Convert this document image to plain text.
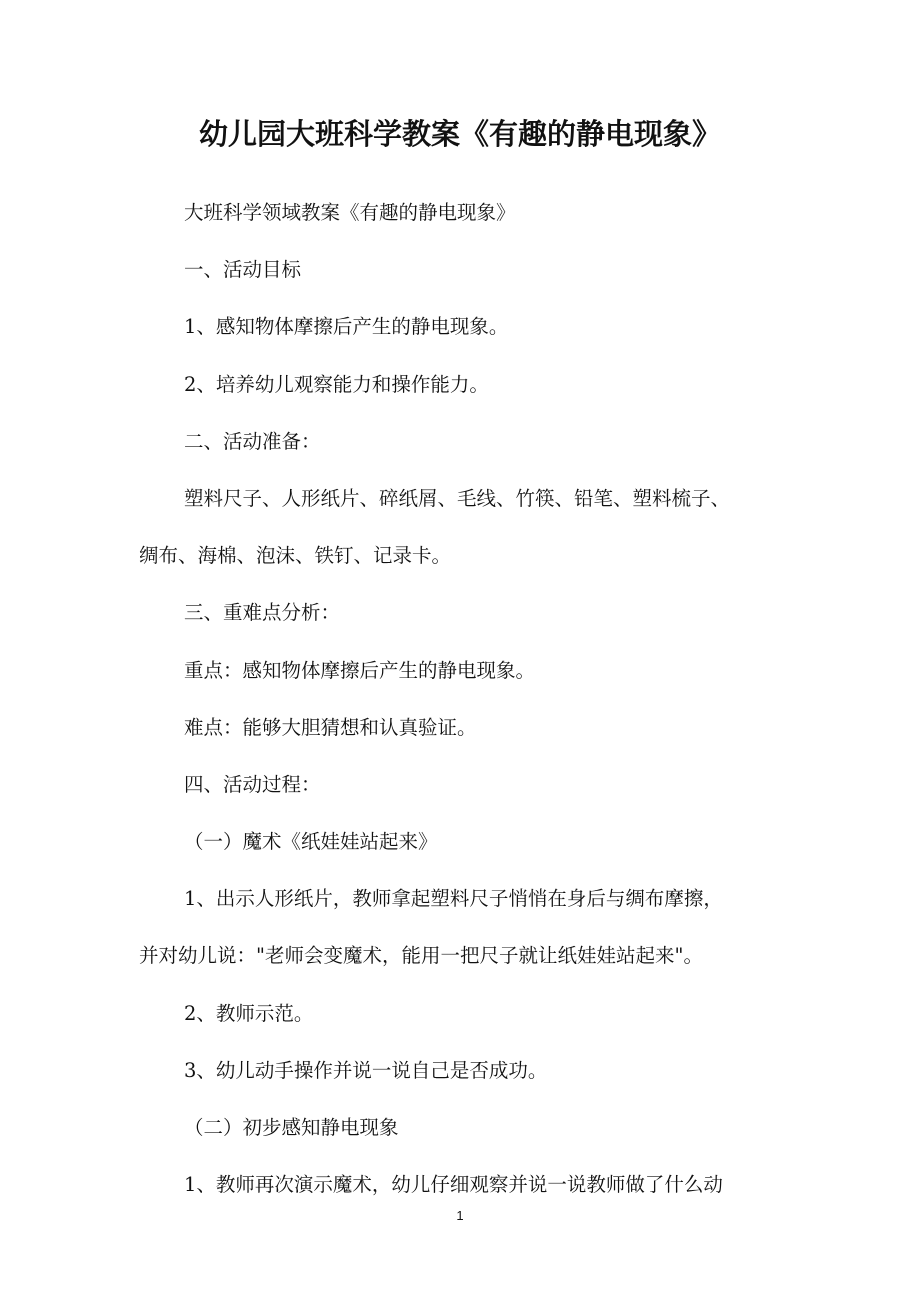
幼儿园大班科学教案《有趣的静电现象》

大班科学领域教案《有趣的静电现象》

一、活动目标

1、感知物体摩擦后产生的静电现象。

2、培养幼儿观察能力和操作能力。

二、活动准备：

塑料尺子、人形纸片、碎纸屑、毛线、竹筷、铅笔、塑料梳子、

绸布、海棉、泡沫、铁钉、记录卡。

三、重难点分析：

重点：感知物体摩擦后产生的静电现象。

难点：能够大胆猜想和认真验证。

四、活动过程：

（一）魔术《纸娃娃站起来》

1、出示人形纸片，教师拿起塑料尺子悄悄在身后与绸布摩擦，

并对幼儿说："老师会变魔术，能用一把尺子就让纸娃娃站起来"。

2、教师示范。

3、幼儿动手操作并说一说自己是否成功。

（二）初步感知静电现象

1、教师再次演示魔术，幼儿仔细观察并说一说教师做了什么动

1
